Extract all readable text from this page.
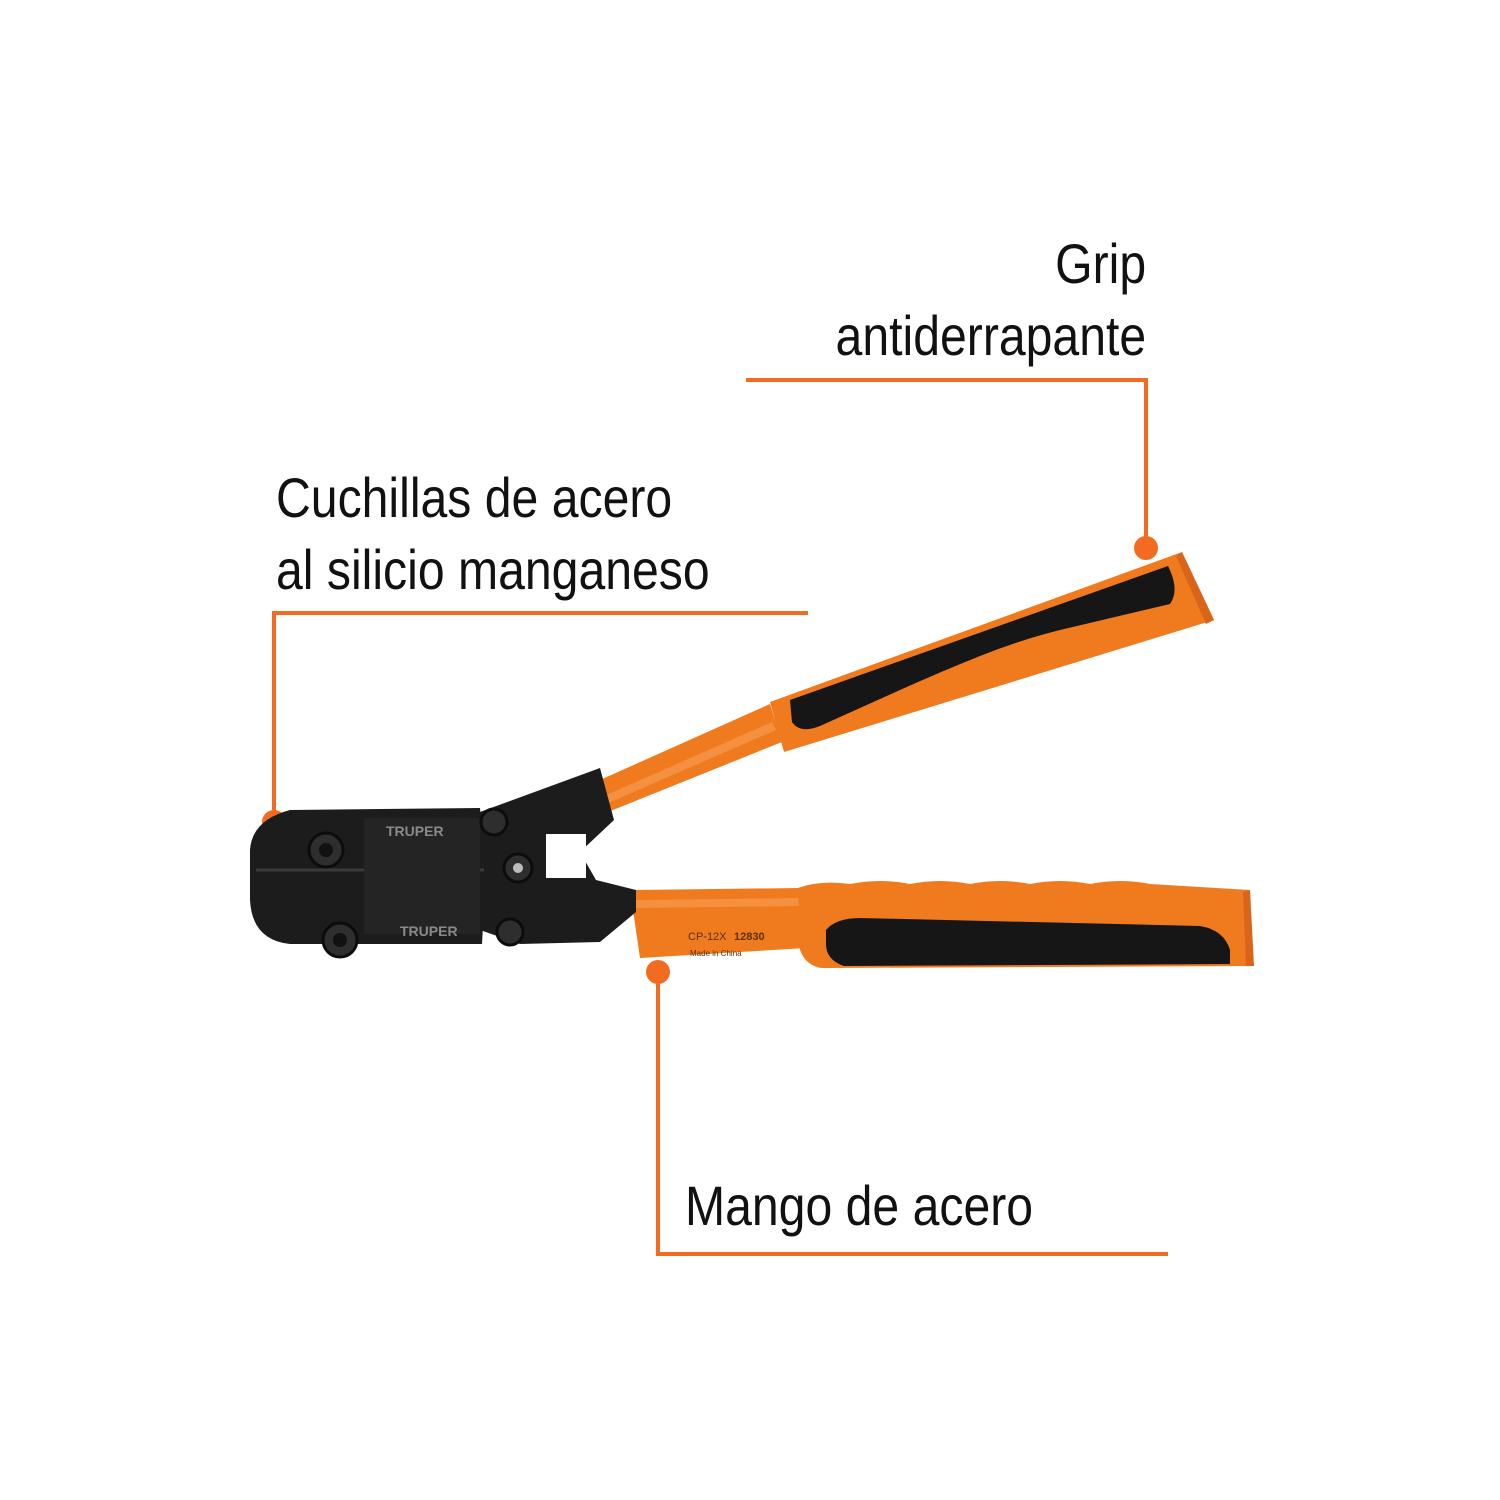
TRUPER
TRUPER	CP-12X 12830
Made in China
Grip
antiderrapante
Cuchillas de acero
al silicio manganeso
Mango de acero
